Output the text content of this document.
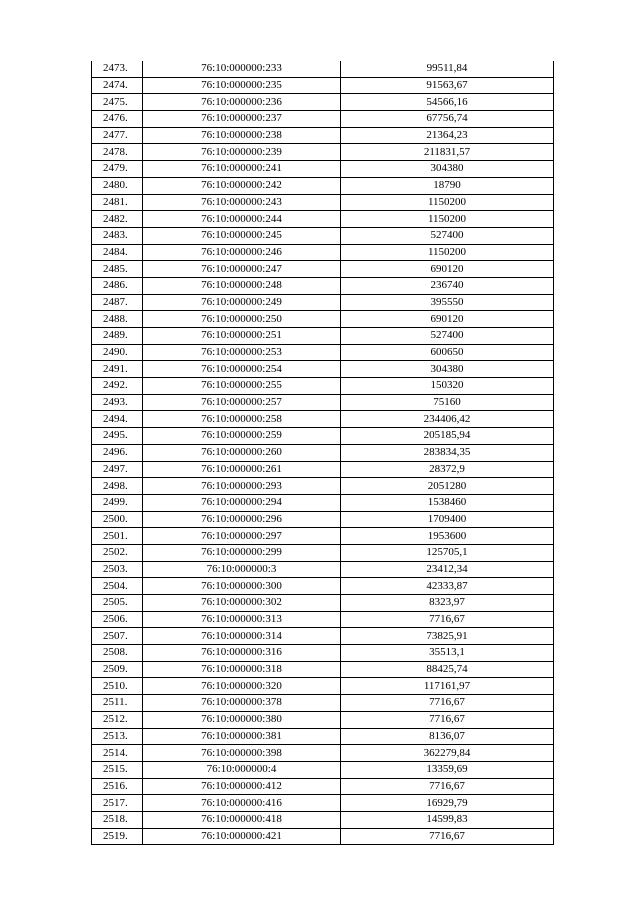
2473.	76:10:000000:233	99511,84
2474.	76:10:000000:235	91563,67
2475.	76:10:000000:236	54566,16
2476.	76:10:000000:237	67756,74
2477.	76:10:000000:238	21364,23
2478.	76:10:000000:239	211831,57
2479.	76:10:000000:241	304380
2480.	76:10:000000:242	18790
2481.	76:10:000000:243	1150200
2482.	76:10:000000:244	1150200
2483.	76:10:000000:245	527400
2484.	76:10:000000:246	1150200
2485.	76:10:000000:247	690120
2486.	76:10:000000:248	236740
2487.	76:10:000000:249	395550
2488.	76:10:000000:250	690120
2489.	76:10:000000:251	527400
2490.	76:10:000000:253	600650
2491.	76:10:000000:254	304380
2492.	76:10:000000:255	150320
2493.	76:10:000000:257	75160
2494.	76:10:000000:258	234406,42
2495.	76:10:000000:259	205185,94
2496.	76:10:000000:260	283834,35
2497.	76:10:000000:261	28372,9
2498.	76:10:000000:293	2051280
2499.	76:10:000000:294	1538460
2500.	76:10:000000:296	1709400
2501.	76:10:000000:297	1953600
2502.	76:10:000000:299	125705,1
2503.	76:10:000000:3	23412,34
2504.	76:10:000000:300	42333,87
2505.	76:10:000000:302	8323,97
2506.	76:10:000000:313	7716,67
2507.	76:10:000000:314	73825,91
2508.	76:10:000000:316	35513,1
2509.	76:10:000000:318	88425,74
2510.	76:10:000000:320	117161,97
2511.	76:10:000000:378	7716,67
2512.	76:10:000000:380	7716,67
2513.	76:10:000000:381	8136,07
2514.	76:10:000000:398	362279,84
2515.	76:10:000000:4	13359,69
2516.	76:10:000000:412	7716,67
2517.	76:10:000000:416	16929,79
2518.	76:10:000000:418	14599,83
2519.	76:10:000000:421	7716,67
